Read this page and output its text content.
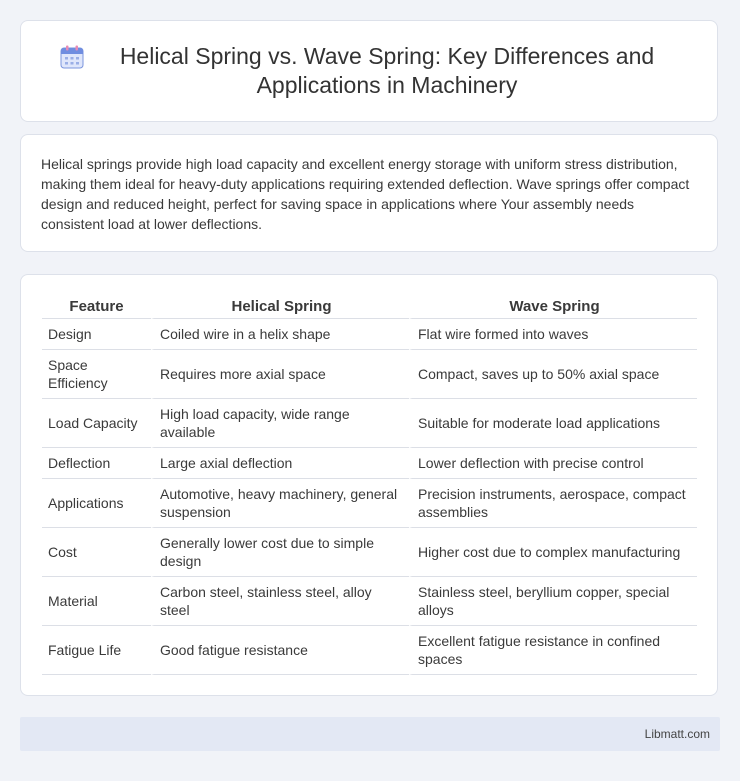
Helical Spring vs. Wave Spring: Key Differences and Applications in Machinery

Helical springs provide high load capacity and excellent energy storage with uniform stress distribution, making them ideal for heavy-duty applications requiring extended deflection. Wave springs offer compact design and reduced height, perfect for saving space in applications where Your assembly needs consistent load at lower deflections.

Feature	Helical Spring	Wave Spring
Design	Coiled wire in a helix shape	Flat wire formed into waves
Space Efficiency	Requires more axial space	Compact, saves up to 50% axial space
Load Capacity	High load capacity, wide range available	Suitable for moderate load applications
Deflection	Large axial deflection	Lower deflection with precise control
Applications	Automotive, heavy machinery, general suspension	Precision instruments, aerospace, compact assemblies
Cost	Generally lower cost due to simple design	Higher cost due to complex manufacturing
Material	Carbon steel, stainless steel, alloy steel	Stainless steel, beryllium copper, special alloys
Fatigue Life	Good fatigue resistance	Excellent fatigue resistance in confined spaces
Libmatt.com
